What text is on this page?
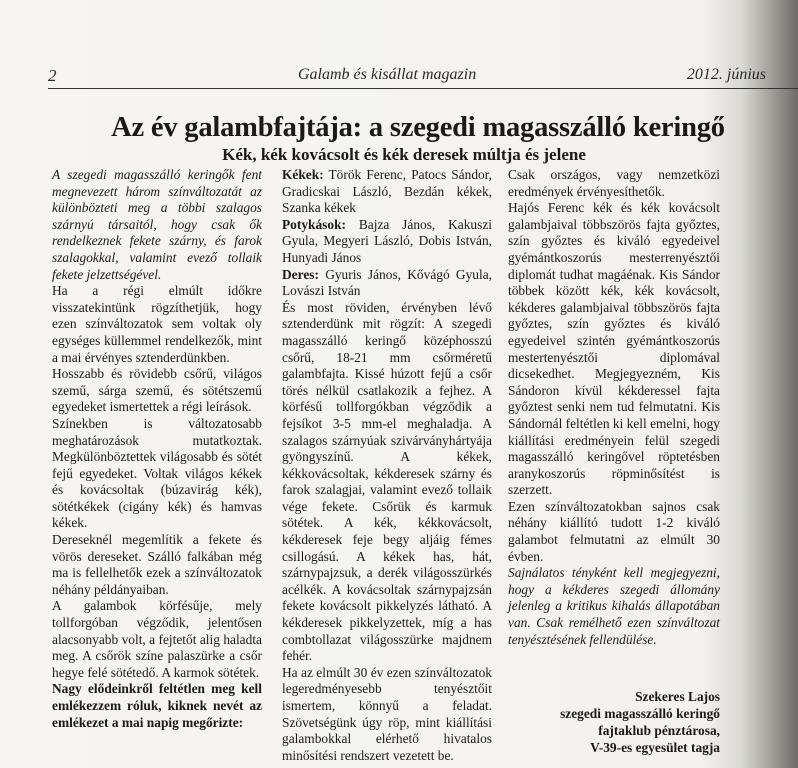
2	Galamb és kisállat magazin	2012. június
Az év galambfajtája: a szegedi magasszálló keringő
Kék, kék kovácsolt és kék deresek múltja és jelene

A szegedi magasszálló keringők fent megnevezett három színváltozatát az különbözteti meg a többi szalagos szárnyú társaitól, hogy csak ők rendelkeznek fekete szárny, és farok szalagokkal, valamint evező tollaik fekete jelzettségével.

Ha a régi elmúlt időkre visszatekintünk rögzíthetjük, hogy ezen színváltozatok sem voltak oly egységes küllemmel rendelkezők, mint a mai érvényes sztenderdünkben.

Hosszabb és rövidebb csőrű, világos szemű, sárga szemű, és sötétszemű egyedeket ismertettek a régi leírások.

Színekben is változatosabb meghatározások mutatkoztak. Megkülönböztettek világosabb és sötét fejű egyedeket. Voltak világos kékek és kovácsoltak (búzavirág kék), sötétkékek (cigány kék) és hamvas kékek.

Dereseknél megemlítik a fekete és vörös dereseket. Szálló falkában még ma is fellelhetők ezek a színváltozatok néhány példányaiban.

A galambok körfésűje, mely tollforgóban végződik, jelentősen alacsonyabb volt, a fejtetőt alig haladta meg. A csőrök színe palaszürke a csőr hegye felé sötétedő. A karmok sötétek.

Nagy elődeinkről feltétlen meg kell emlékezzem róluk, kiknek nevét az emlékezet a mai napig megőrizte:

Kékek: Török Ferenc, Patocs Sándor, Gradicskai László, Bezdán kékek, Szanka kékek

Potykások: Bajza János, Kakuszi Gyula, Megyeri László, Dobis István, Hunyadi János

Deres: Gyuris János, Kővágó Gyula, Lovászi István

És most röviden, érvényben lévő sztenderdünk mit rögzít: A szegedi magasszálló keringő középhosszú csőrű, 18-21 mm csőrméretű galambfajta. Kissé húzott fejű a csőr törés nélkül csatlakozik a fejhez. A körfésű tollforgókban végződik a fejsíkot 3-5 mm-el meghaladja. A szalagos szárnyúak szivárványhártyája gyöngyszínű. A kékek, kékkovácsoltak, kékderesek szárny és farok szalagjai, valamint evező tollaik vége fekete. Csőrük és karmuk sötétek. A kék, kékkovácsolt, kékderesek feje begy aljáig fémes csillogású. A kékek has, hát, szárnypajzsuk, a derék világosszürkés acélkék. A kovácsoltak szárnypajzsán fekete kovácsolt pikkelyzés látható. A kékderesek pikkelyzettek, míg a has combtollazat világosszürke majdnem fehér.

Ha az elmúlt 30 év ezen színváltozatok legeredményesebb tenyésztőit ismertem, könnyű a feladat. Szövetségünk úgy röp, mint kiállítási galambokkal elérhető hivatalos minősítési rendszert vezetett be.

Csak országos, vagy nemzetközi eredmények érvényesíthetők.

Hajós Ferenc kék és kék kovácsolt galambjaival többszörös fajta győztes, szín győztes és kiváló egyedeivel gyémántkoszorús mesterrenyésztői diplomát tudhat magáénak. Kis Sándor többek között kék, kék kovácsolt, kékderes galambjaival többszörös fajta győztes, szín győztes és kiváló egyedeivel szintén gyémántkoszorús mestertenyésztői diplomával dicsekedhet. Megjegyezném, Kis Sándoron kívül kékderessel fajta győztest senki nem tud felmutatni. Kis Sándornál feltétlen ki kell emelni, hogy kiállítási eredményein felül szegedi magasszálló keringővel röptetésben aranykoszorús röpminősítést is szerzett.

Ezen színváltozatokban sajnos csak néhány kiállító tudott 1-2 kiváló galambot felmutatni az elmúlt 30 évben.

Sajnálatos tényként kell megjegyezni, hogy a kékderes szegedi állomány jelenleg a kritikus kihalás állapotában van. Csak remélhető ezen színváltozat tenyésztésének fellendülése.

Szekeres Lajos
szegedi magasszálló keringő
fajtaklub pénztárosa,
V-39-es egyesület tagja
